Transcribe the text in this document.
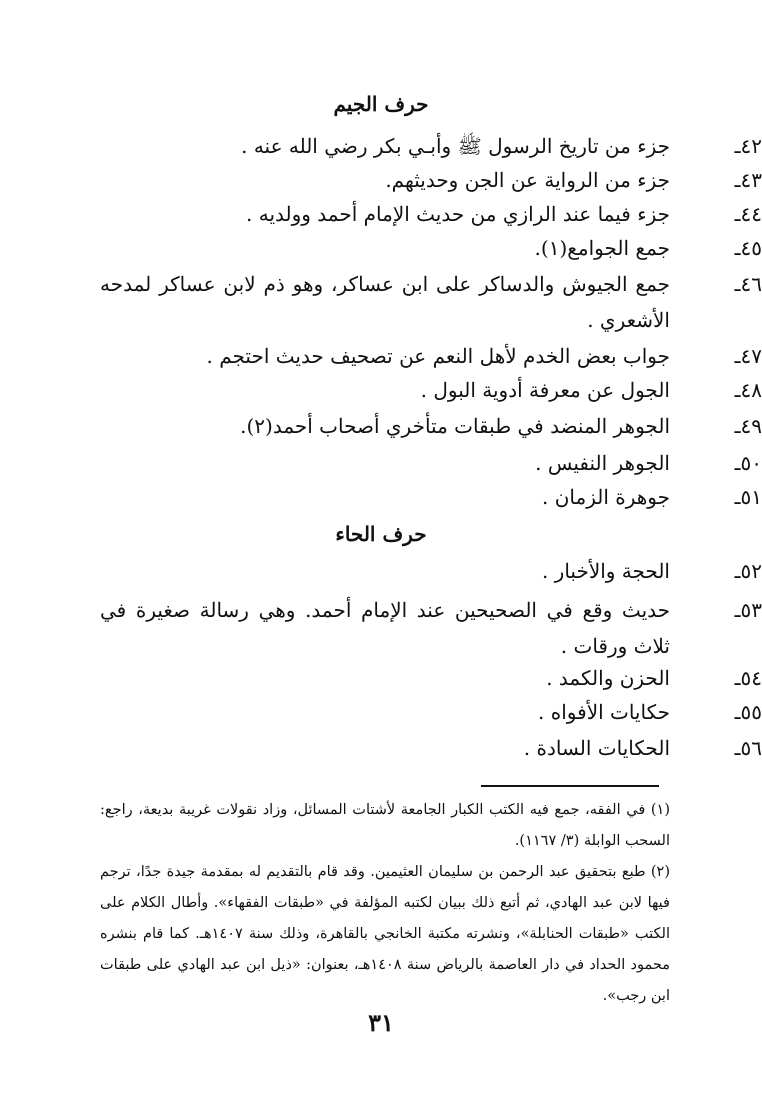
حرف الجيم
٤٢ـ
جزء من تاريخ الرسول ﷺ وأبـي بكر رضي الله عنه .
٤٣ـ
جزء من الرواية عن الجن وحديثهم.
٤٤ـ
جزء فيما عند الرازي من حديث الإمام أحمد وولديه .
٤٥ـ
جمع الجوامع(١).
٤٦ـ
جمع الجيوش والدساكر على ابن عساكر، وهو ذم لابن عساكر لمدحه الأشعري .
٤٧ـ
جواب بعض الخدم لأهل النعم عن تصحيف حديث احتجم .
٤٨ـ
الجول عن معرفة أدوية البول .
٤٩ـ
الجوهر المنضد في طبقات متأخري أصحاب أحمد(٢).
٥٠ـ
الجوهر النفيس .
٥١ـ
جوهرة الزمان .
حرف الحاء
٥٢ـ
الحجة والأخبار .
٥٣ـ
حديث وقع في الصحيحين عند الإمام أحمد. وهي رسالة صغيرة في ثلاث ورقات .
٥٤ـ
الحزن والكمد .
٥٥ـ
حكايات الأفواه .
٥٦ـ
الحكايات السادة .
(١) في الفقه، جمع فيه الكتب الكبار الجامعة لأشتات المسائل، وزاد نقولات غريبة بديعة، راجع: السحب الوابلة (٣/ ١١٦٧).
(٢) طبع بتحقيق عبد الرحمن بن سليمان العثيمين. وقد قام بالتقديم له بمقدمة جيدة جدًا، ترجم فيها لابن عبد الهادي، ثم أتبع ذلك ببيان لكتبه المؤلفة في «طبقات الفقهاء». وأطال الكلام على الكتب «طبقات الحنابلة»، ونشرته مكتبة الخانجي بالقاهرة، وذلك سنة ١٤٠٧هـ. كما قام بنشره محمود الحداد في دار العاصمة بالرياض سنة ١٤٠٨هـ، بعنوان: «ذيل ابن عبد الهادي على طبقات ابن رجب».
٣١
